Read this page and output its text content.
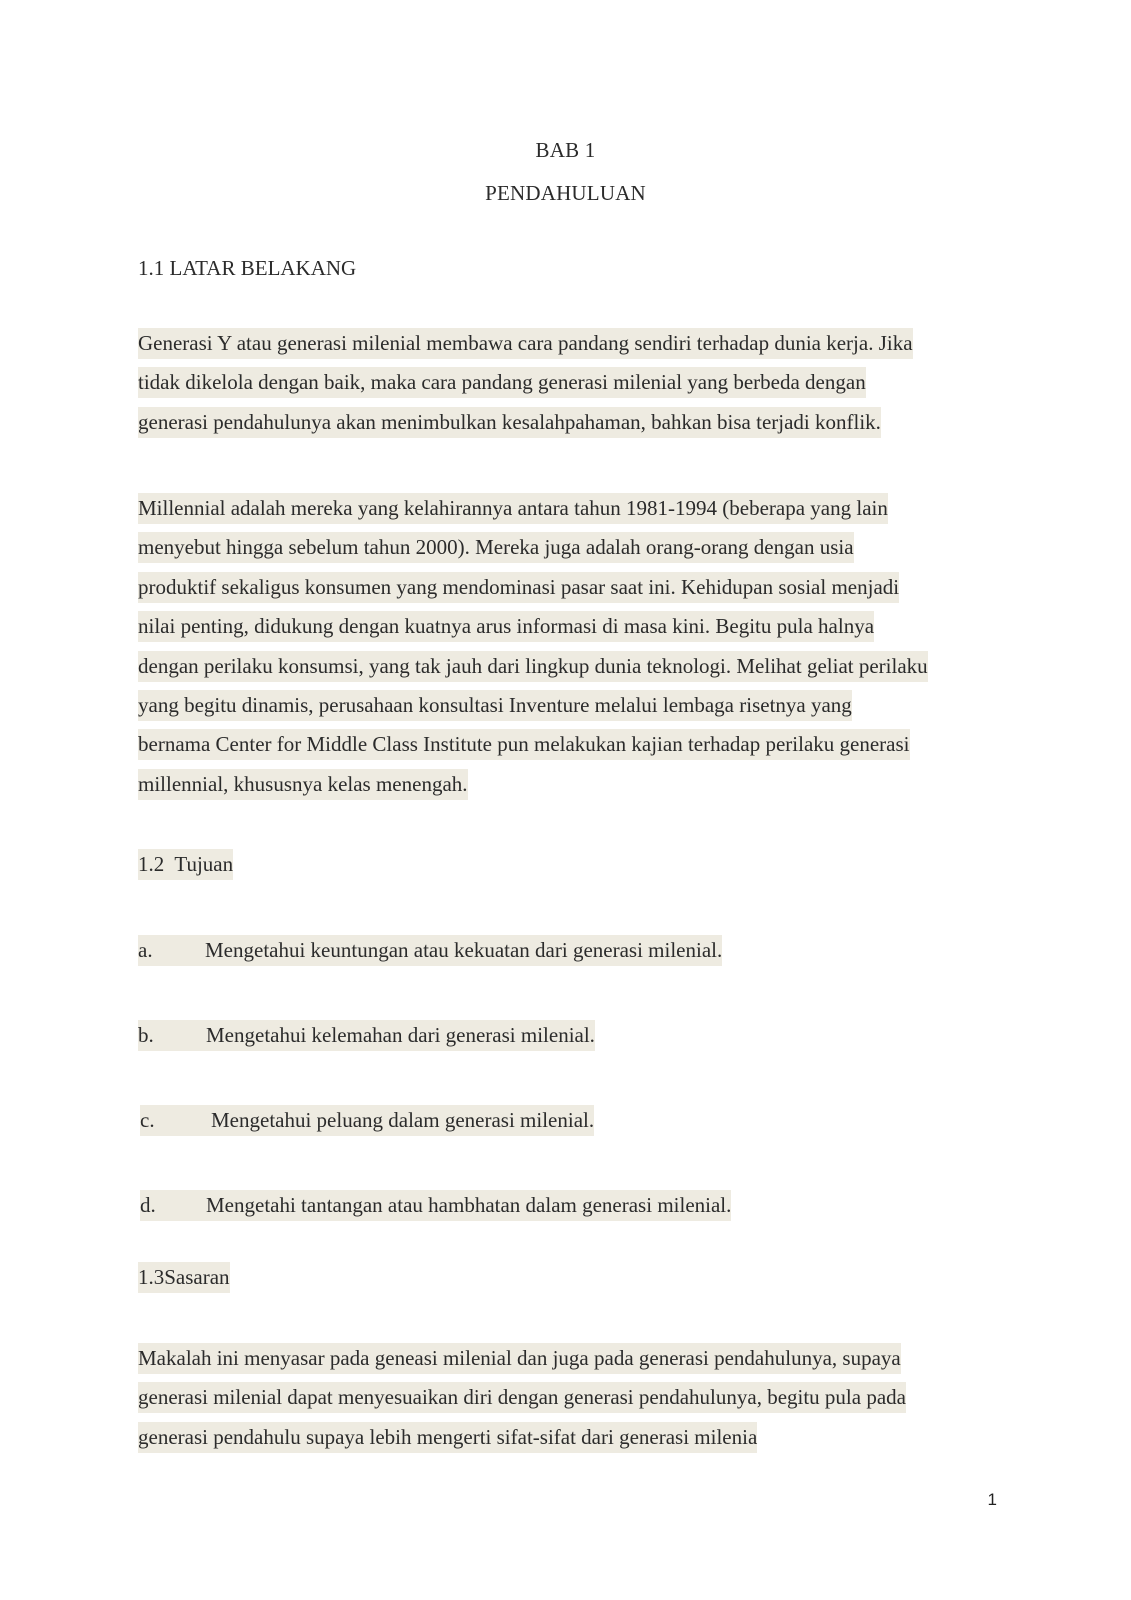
BAB 1
PENDAHULUAN
1.1 LATAR BELAKANG

Generasi Y atau generasi milenial membawa cara pandang sendiri terhadap dunia kerja. Jika
tidak dikelola dengan baik, maka cara pandang generasi milenial yang berbeda dengan
generasi pendahulunya akan menimbulkan kesalahpahaman, bahkan bisa terjadi konflik.

Millennial adalah mereka yang kelahirannya antara tahun 1981-1994 (beberapa yang lain
menyebut hingga sebelum tahun 2000). Mereka juga adalah orang-orang dengan usia
produktif sekaligus konsumen yang mendominasi pasar saat ini. Kehidupan sosial menjadi
nilai penting, didukung dengan kuatnya arus informasi di masa kini. Begitu pula halnya
dengan perilaku konsumsi, yang tak jauh dari lingkup dunia teknologi. Melihat geliat perilaku
yang begitu dinamis, perusahaan konsultasi Inventure melalui lembaga risetnya yang
bernama Center for Middle Class Institute pun melakukan kajian terhadap perilaku generasi
millennial, khususnya kelas menengah.

1.2  Tujuan
a. Mengetahui keuntungan atau kekuatan dari generasi milenial.
b. Mengetahui kelemahan dari generasi milenial.
c.	Mengetahui peluang dalam generasi milenial.
d. Mengetahi tantangan atau hambhatan dalam generasi milenial.
1.3Sasaran

Makalah ini menyasar pada geneasi milenial dan juga pada generasi pendahulunya, supaya
generasi milenial dapat menyesuaikan diri dengan generasi pendahulunya, begitu pula pada
generasi pendahulu supaya lebih mengerti sifat-sifat dari generasi milenia

1
